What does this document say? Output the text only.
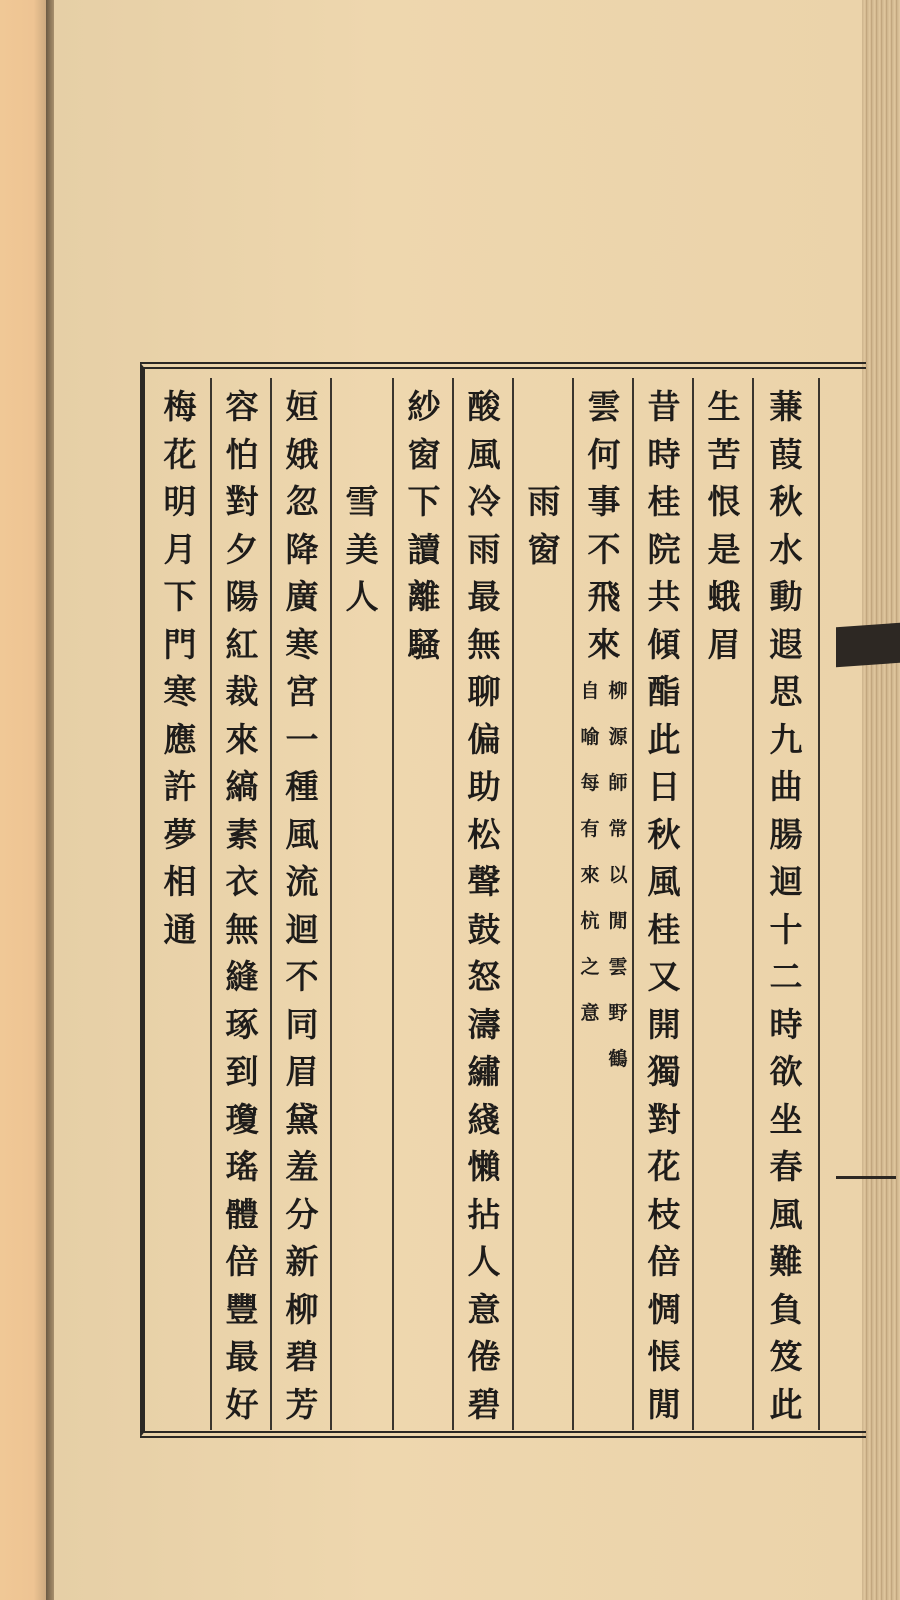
蒹葭秋水動遐思九曲腸迴十二時欲坐春風難負笈此
生苦恨是蛾眉
昔時桂院共傾酯此日秋風桂又開獨對花枝倍惆悵閒
雲何事不飛來
柳源師常以閒雲野鶴
自喻每有來杭之意
雨窗
酸風冷雨最無聊偏助松聲鼓怒濤繡綫懶拈人意倦碧
紗窗下讀離騷
雪美人
姮娥忽降廣寒宮一種風流迴不同眉黛羞分新柳碧芳
容怕對夕陽紅裁來縞素衣無縫琢到瓊瑤體倍豐最好
梅花明月下門寒應許夢相通
